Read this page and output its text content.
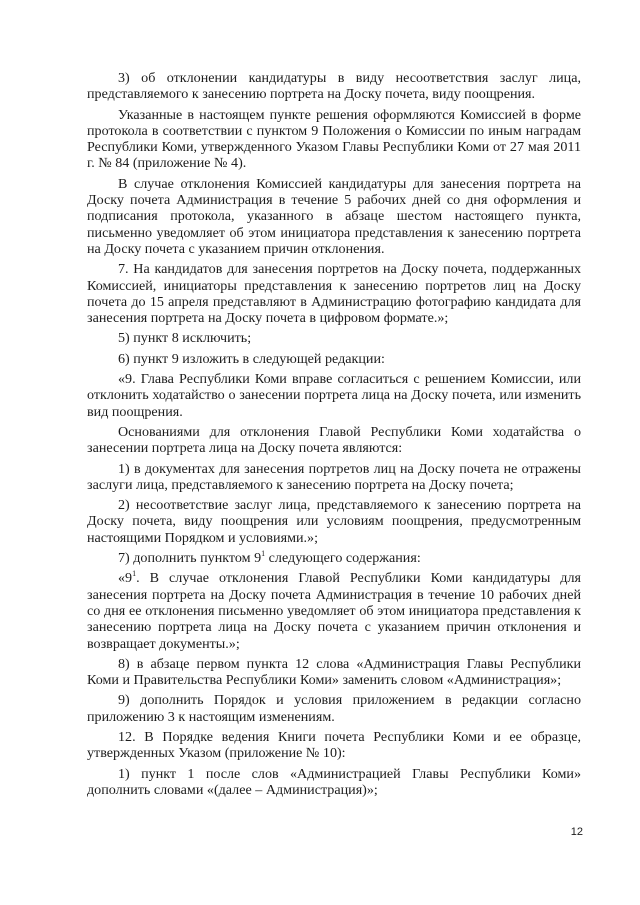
3) об отклонении кандидатуры в виду несоответствия заслуг лица, представляемого к занесению портрета на Доску почета, виду поощрения.

Указанные в настоящем пункте решения оформляются Комиссией в форме протокола в соответствии с пунктом 9 Положения о Комиссии по иным наградам Республики Коми, утвержденного Указом Главы Республики Коми от 27 мая 2011 г. № 84 (приложение № 4).

В случае отклонения Комиссией кандидатуры для занесения портрета на Доску почета Администрация в течение 5 рабочих дней со дня оформления и подписания протокола, указанного в абзаце шестом настоящего пункта, письменно уведомляет об этом инициатора представления к занесению портрета на Доску почета с указанием причин отклонения.

7. На кандидатов для занесения портретов на Доску почета, поддержанных Комиссией, инициаторы представления к занесению портретов лиц на Доску почета до 15 апреля представляют в Администрацию фотографию кандидата для занесения портрета на Доску почета в цифровом формате.»;

5) пункт 8 исключить;

6) пункт 9 изложить в следующей редакции:

«9. Глава Республики Коми вправе согласиться с решением Комиссии, или отклонить ходатайство о занесении портрета лица на Доску почета, или изменить вид поощрения.

Основаниями для отклонения Главой Республики Коми ходатайства о занесении портрета лица на Доску почета являются:

1) в документах для занесения портретов лиц на Доску почета не отражены заслуги лица, представляемого к занесению портрета на Доску почета;

2) несоответствие заслуг лица, представляемого к занесению портрета на Доску почета, виду поощрения или условиям поощрения, предусмотренным настоящими Порядком и условиями.»;

7) дополнить пунктом $9^1$ следующего содержания:

«$9^1$. В случае отклонения Главой Республики Коми кандидатуры для занесения портрета на Доску почета Администрация в течение 10 рабочих дней со дня ее отклонения письменно уведомляет об этом инициатора представления к занесению портрета лица на Доску почета с указанием причин отклонения и возвращает документы.»;

8) в абзаце первом пункта 12 слова «Администрация Главы Республики Коми и Правительства Республики Коми» заменить словом «Администрация»;

9) дополнить Порядок и условия приложением в редакции согласно приложению 3 к настоящим изменениям.

12. В Порядке ведения Книги почета Республики Коми и ее образце, утвержденных Указом (приложение № 10):

1) пункт 1 после слов «Администрацией Главы Республики Коми» дополнить словами «(далее – Администрация)»;

12
